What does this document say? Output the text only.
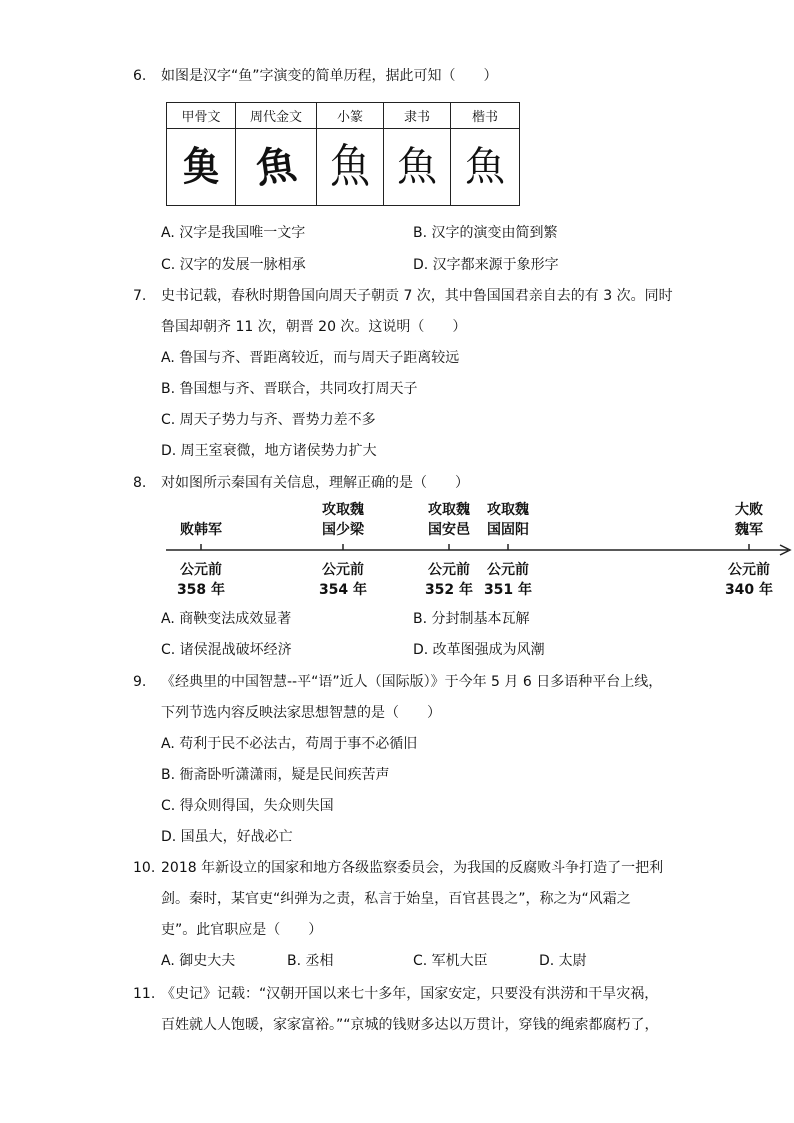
6. 如图是汉字“鱼”字演变的简单历程，据此可知（　　）
甲骨文	周代金文	小篆	隶书	楷书
𩵋	魚	魚	魚	魚
A. 汉字是我国唯一文字	B. 汉字的演变由简到繁
C. 汉字的发展一脉相承	D. 汉字都来源于象形字
7. 史书记载，春秋时期鲁国向周天子朝贡 7 次，其中鲁国国君亲自去的有 3 次。同时
鲁国却朝齐 11 次，朝晋 20 次。这说明（　　）
A. 鲁国与齐、晋距离较近，而与周天子距离较远
B. 鲁国想与齐、晋联合，共同攻打周天子
C. 周天子势力与齐、晋势力差不多
D. 周王室衰微，地方诸侯势力扩大
8. 对如图所示秦国有关信息，理解正确的是（　　）
败韩军
攻取魏
国少梁
攻取魏
国安邑
攻取魏
国固阳
大败
魏军
公元前
358 年
公元前
354 年
公元前
352 年
公元前
351 年
公元前
340 年
A. 商鞅变法成效显著	B. 分封制基本瓦解
C. 诸侯混战破坏经济	D. 改革图强成为风潮
9. 《经典里的中国智慧--平“语”近人（国际版）》于今年 5 月 6 日多语种平台上线，
下列节选内容反映法家思想智慧的是（　　）
A. 苟利于民不必法古，苟周于事不必循旧
B. 衙斋卧听潇潇雨，疑是民间疾苦声
C. 得众则得国，失众则失国
D. 国虽大，好战必亡
10. 2018 年新设立的国家和地方各级监察委员会，为我国的反腐败斗争打造了一把利
剑。秦时，某官吏“纠弹为之责，私言于始皇，百官甚畏之”，称之为“风霜之
吏”。此官职应是（　　）
A. 御史大夫	B. 丞相	C. 军机大臣	D. 太尉
11. 《史记》记载：“汉朝开国以来七十多年，国家安定，只要没有洪涝和干旱灾祸，
百姓就人人饱暖，家家富裕。”“京城的钱财多达以万贯计，穿钱的绳索都腐朽了，
